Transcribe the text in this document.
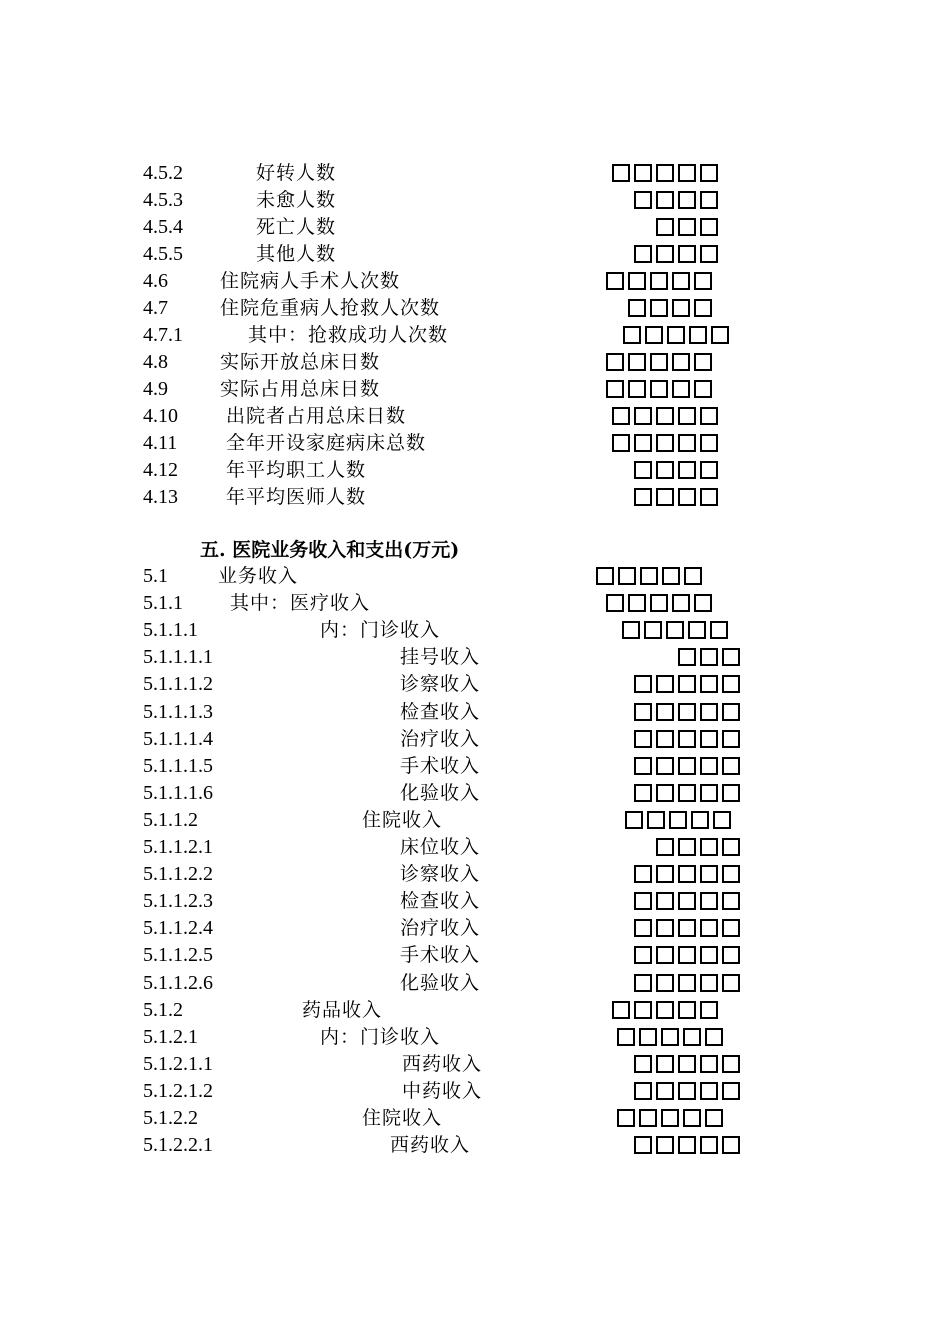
4.5.2	好转人数
4.5.3	未愈人数
4.5.4	死亡人数
4.5.5	其他人数
4.6	住院病人手术人次数
4.7	住院危重病人抢救人次数
4.7.1	其中：抢救成功人次数
4.8	实际开放总床日数
4.9	实际占用总床日数
4.10	出院者占用总床日数
4.11	全年开设家庭病床总数
4.12	年平均职工人数
4.13	年平均医师人数
五. 医院业务收入和支出(万元)
5.1	业务收入
5.1.1 其中：医疗收入
5.1.1.1	内：门诊收入
5.1.1.1.1	挂号收入
5.1.1.1.2	诊察收入
5.1.1.1.3	检查收入
5.1.1.1.4	治疗收入
5.1.1.1.5	手术收入
5.1.1.1.6	化验收入
5.1.1.2	住院收入
5.1.1.2.1	床位收入
5.1.1.2.2	诊察收入
5.1.1.2.3	检查收入
5.1.1.2.4	治疗收入
5.1.1.2.5	手术收入
5.1.1.2.6	化验收入
5.1.2	药品收入
5.1.2.1	内：门诊收入
5.1.2.1.1	西药收入
5.1.2.1.2	中药收入
5.1.2.2	住院收入
5.1.2.2.1	西药收入
